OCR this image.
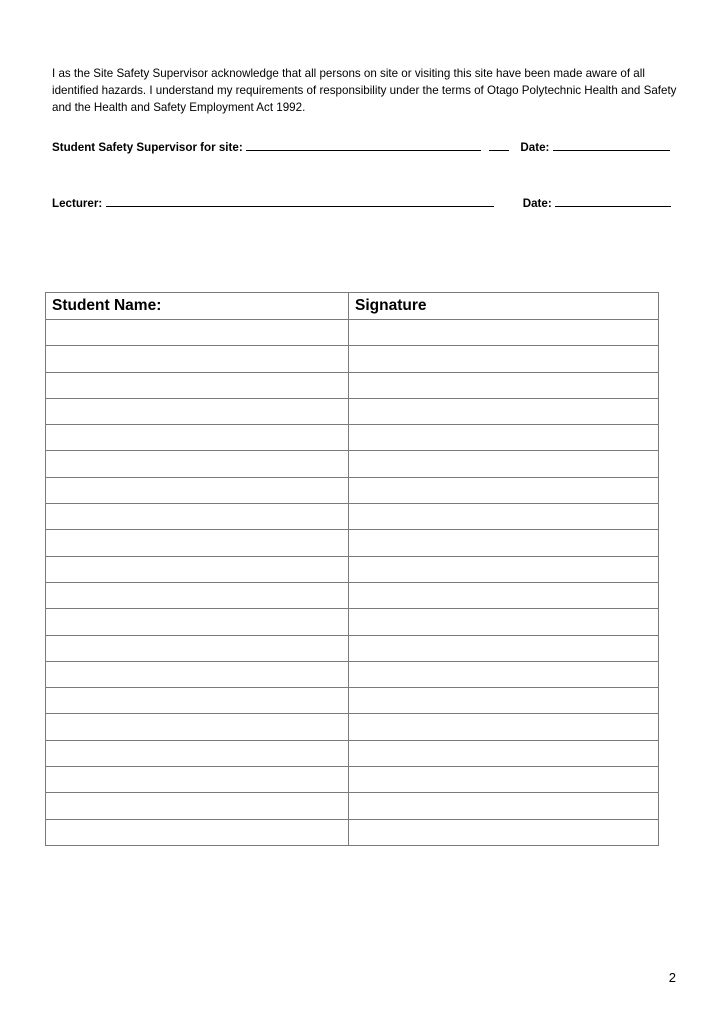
I as the Site Safety Supervisor acknowledge that all persons on site or visiting this site have been made aware of all identified hazards. I understand my requirements of responsibility under the terms of Otago Polytechnic Health and Safety and the Health and Safety Employment Act 1992.

Student Safety Supervisor for site:	Date:
Lecturer:	Date:
Student Name:	Signature

2
